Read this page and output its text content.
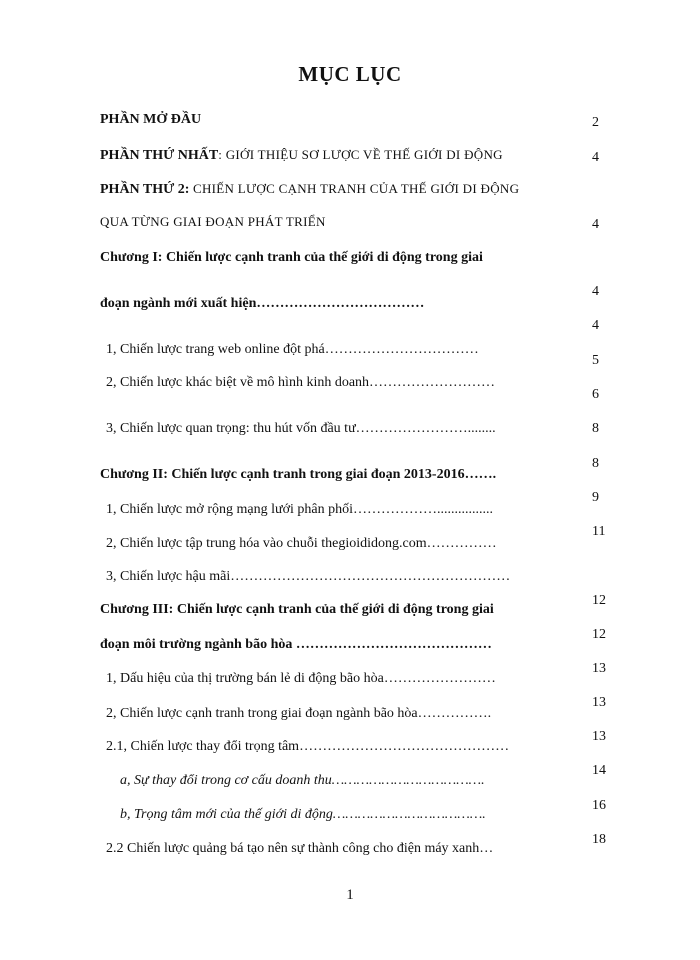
MỤC LỤC
PHẦN MỞ ĐẦU
PHẦN THỨ NHẤT: GIỚI THIỆU SƠ LƯỢC VỀ THẾ GIỚI DI ĐỘNG
PHẦN THỨ 2: CHIẾN LƯỢC CẠNH TRANH CỦA THẾ GIỚI DI ĐỘNG
QUA TỪNG GIAI ĐOẠN PHÁT TRIỂN
Chương I: Chiến lược cạnh tranh của thế giới di động trong giai
đoạn ngành mới xuất hiện………………………………
1, Chiến lược trang web online đột phá……………………………
2, Chiến lược khác biệt về mô hình kinh doanh………………………
3, Chiến lược quan trọng: thu hút vốn đầu tư……………………........
Chương II: Chiến lược cạnh tranh trong giai đoạn 2013-2016…….
1, Chiến lược mở rộng mạng lưới phân phối………………................
2, Chiến lược tập trung hóa vào chuỗi thegioididong.com……………
3, Chiến lược hậu mãi……………………………………………………
Chương III: Chiến lược cạnh tranh của thế giới di động trong giai
đoạn môi trường ngành bão hòa ……………………………………
1, Dấu hiệu của thị trường bán lẻ di động bão hòa……………………
2, Chiến lược cạnh tranh trong giai đoạn ngành bão hòa…………….
2.1, Chiến lược thay đổi trọng tâm………………………………………
a, Sự thay đổi trong cơ cấu doanh thu……………………………….
b, Trọng tâm mới của thế giới di động……………………………….
2.2 Chiến lược quảng bá tạo nên sự thành công cho điện máy xanh…
2
4
4
4
4
5
6
8
8
9
11
12
12
13
13
13
14
16
18
1
